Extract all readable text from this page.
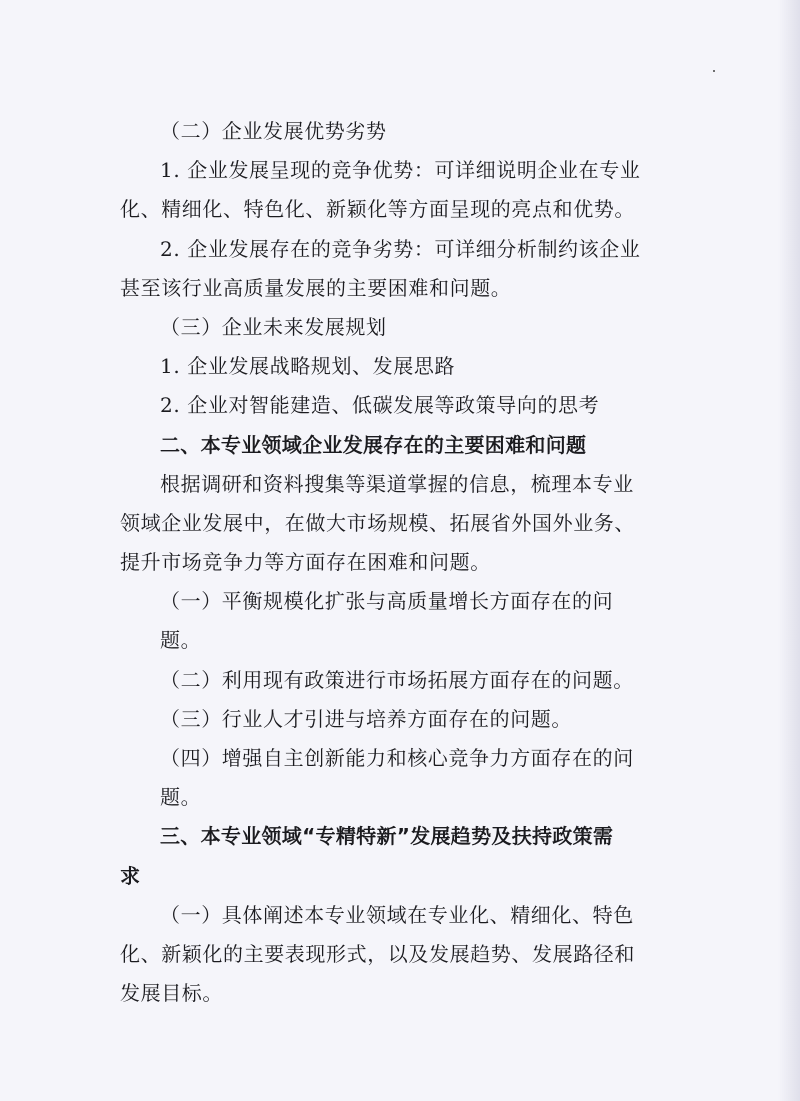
（二）企业发展优势劣势
1. 企业发展呈现的竞争优势：可详细说明企业在专业
化、精细化、特色化、新颖化等方面呈现的亮点和优势。
2. 企业发展存在的竞争劣势：可详细分析制约该企业
甚至该行业高质量发展的主要困难和问题。
（三）企业未来发展规划
1. 企业发展战略规划、发展思路
2. 企业对智能建造、低碳发展等政策导向的思考
二、本专业领域企业发展存在的主要困难和问题
根据调研和资料搜集等渠道掌握的信息，梳理本专业
领域企业发展中，在做大市场规模、拓展省外国外业务、
提升市场竞争力等方面存在困难和问题。
（一）平衡规模化扩张与高质量增长方面存在的问
题。
（二）利用现有政策进行市场拓展方面存在的问题。
（三）行业人才引进与培养方面存在的问题。
（四）增强自主创新能力和核心竞争力方面存在的问
题。
三、本专业领域“专精特新”发展趋势及扶持政策需
求
（一）具体阐述本专业领域在专业化、精细化、特色
化、新颖化的主要表现形式，以及发展趋势、发展路径和
发展目标。
